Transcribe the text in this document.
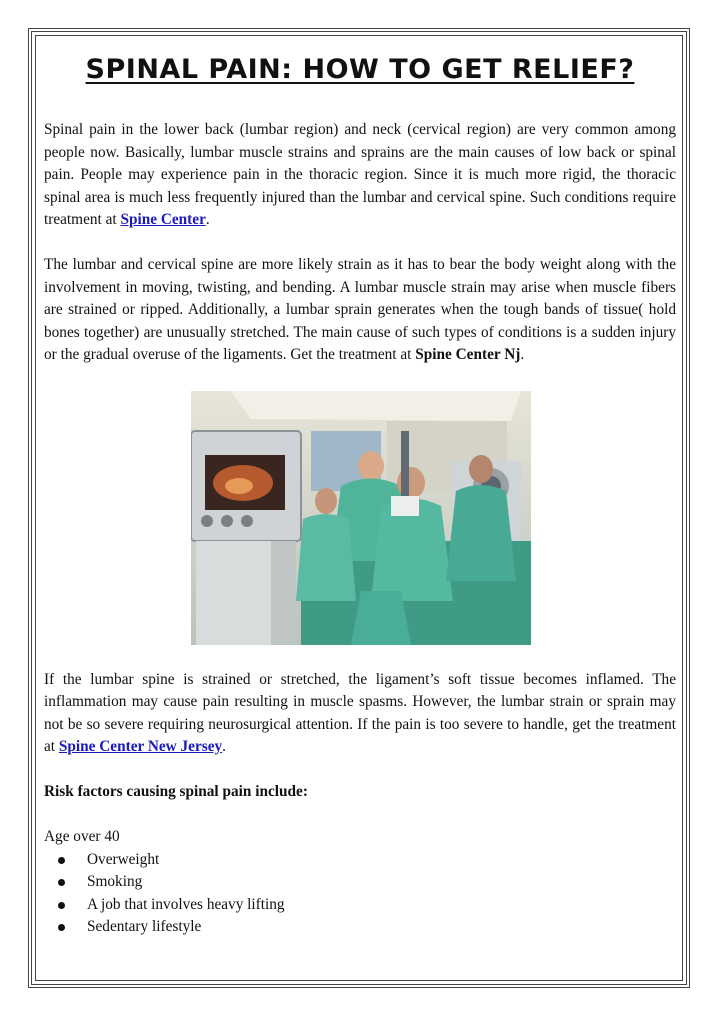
SPINAL PAIN: HOW TO GET RELIEF?

Spinal pain in the lower back (lumbar region) and neck (cervical region) are very common among people now. Basically, lumbar muscle strains and sprains are the main causes of low back or spinal pain. People may experience pain in the thoracic region. Since it is much more rigid, the thoracic spinal area is much less frequently injured than the lumbar and cervical spine. Such conditions require treatment at Spine Center.

The lumbar and cervical spine are more likely strain as it has to bear the body weight along with the involvement in moving, twisting, and bending. A lumbar muscle strain may arise when muscle fibers are strained or ripped. Additionally, a lumbar sprain generates when the tough bands of tissue( hold bones together) are unusually stretched. The main cause of such types of conditions is a sudden injury or the gradual overuse of the ligaments. Get the treatment at Spine Center Nj.

If the lumbar spine is strained or stretched, the ligament’s soft tissue becomes inflamed. The inflammation may cause pain resulting in muscle spasms. However, the lumbar strain or sprain may not be so severe requiring neurosurgical attention. If the pain is too severe to handle, get the treatment at Spine Center New Jersey.

Risk factors causing spinal pain include:

Age over 40

Overweight
Smoking
A job that involves heavy lifting
Sedentary lifestyle
